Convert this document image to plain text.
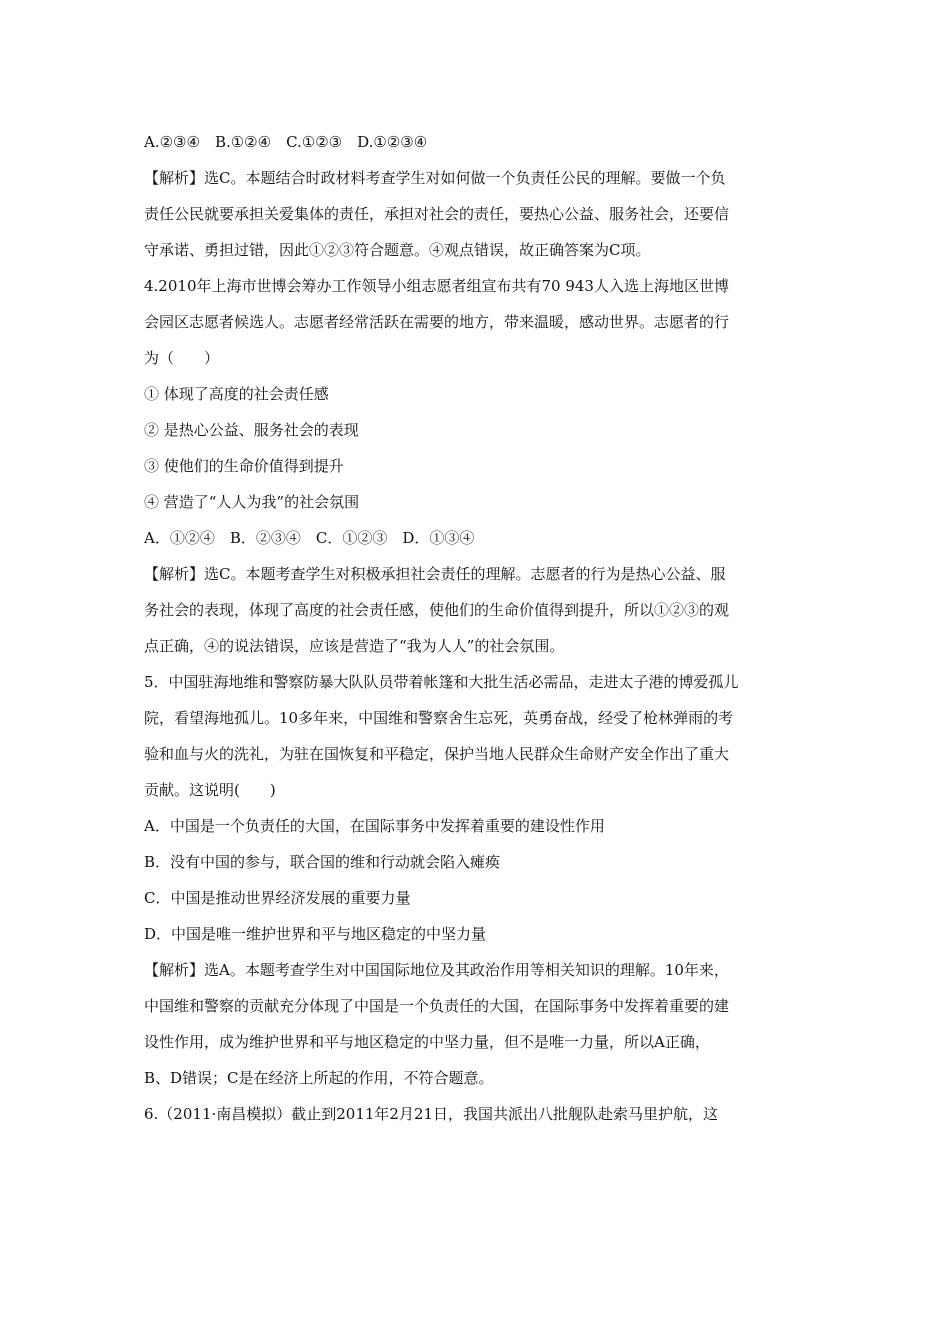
A.②③④　B.①②④　C.①②③　D.①②③④
【解析】选C。本题结合时政材料考查学生对如何做一个负责任公民的理解。要做一个负
责任公民就要承担关爱集体的责任，承担对社会的责任，要热心公益、服务社会，还要信
守承诺、勇担过错，因此①②③符合题意。④观点错误，故正确答案为C项。
4.2010年上海市世博会筹办工作领导小组志愿者组宣布共有70 943人入选上海地区世博
会园区志愿者候选人。志愿者经常活跃在需要的地方，带来温暖，感动世界。志愿者的行
为（　　）
① 体现了高度的社会责任感
② 是热心公益、服务社会的表现
③ 使他们的生命价值得到提升
④ 营造了“人人为我”的社会氛围
A．①②④　B．②③④　C．①②③　D．①③④
【解析】选C。本题考查学生对积极承担社会责任的理解。志愿者的行为是热心公益、服
务社会的表现，体现了高度的社会责任感，使他们的生命价值得到提升，所以①②③的观
点正确，④的说法错误，应该是营造了“我为人人”的社会氛围。
5．中国驻海地维和警察防暴大队队员带着帐篷和大批生活必需品，走进太子港的博爱孤儿
院，看望海地孤儿。10多年来，中国维和警察舍生忘死，英勇奋战，经受了枪林弹雨的考
验和血与火的洗礼，为驻在国恢复和平稳定，保护当地人民群众生命财产安全作出了重大
贡献。这说明(　　)
A．中国是一个负责任的大国，在国际事务中发挥着重要的建设性作用
B．没有中国的参与，联合国的维和行动就会陷入瘫痪
C．中国是推动世界经济发展的重要力量
D．中国是唯一维护世界和平与地区稳定的中坚力量
【解析】选A。本题考查学生对中国国际地位及其政治作用等相关知识的理解。10年来，
中国维和警察的贡献充分体现了中国是一个负责任的大国，在国际事务中发挥着重要的建
设性作用，成为维护世界和平与地区稳定的中坚力量，但不是唯一力量，所以A正确，
B、D错误；C是在经济上所起的作用，不符合题意。
6.（2011·南昌模拟）截止到2011年2月21日，我国共派出八批舰队赴索马里护航，这
